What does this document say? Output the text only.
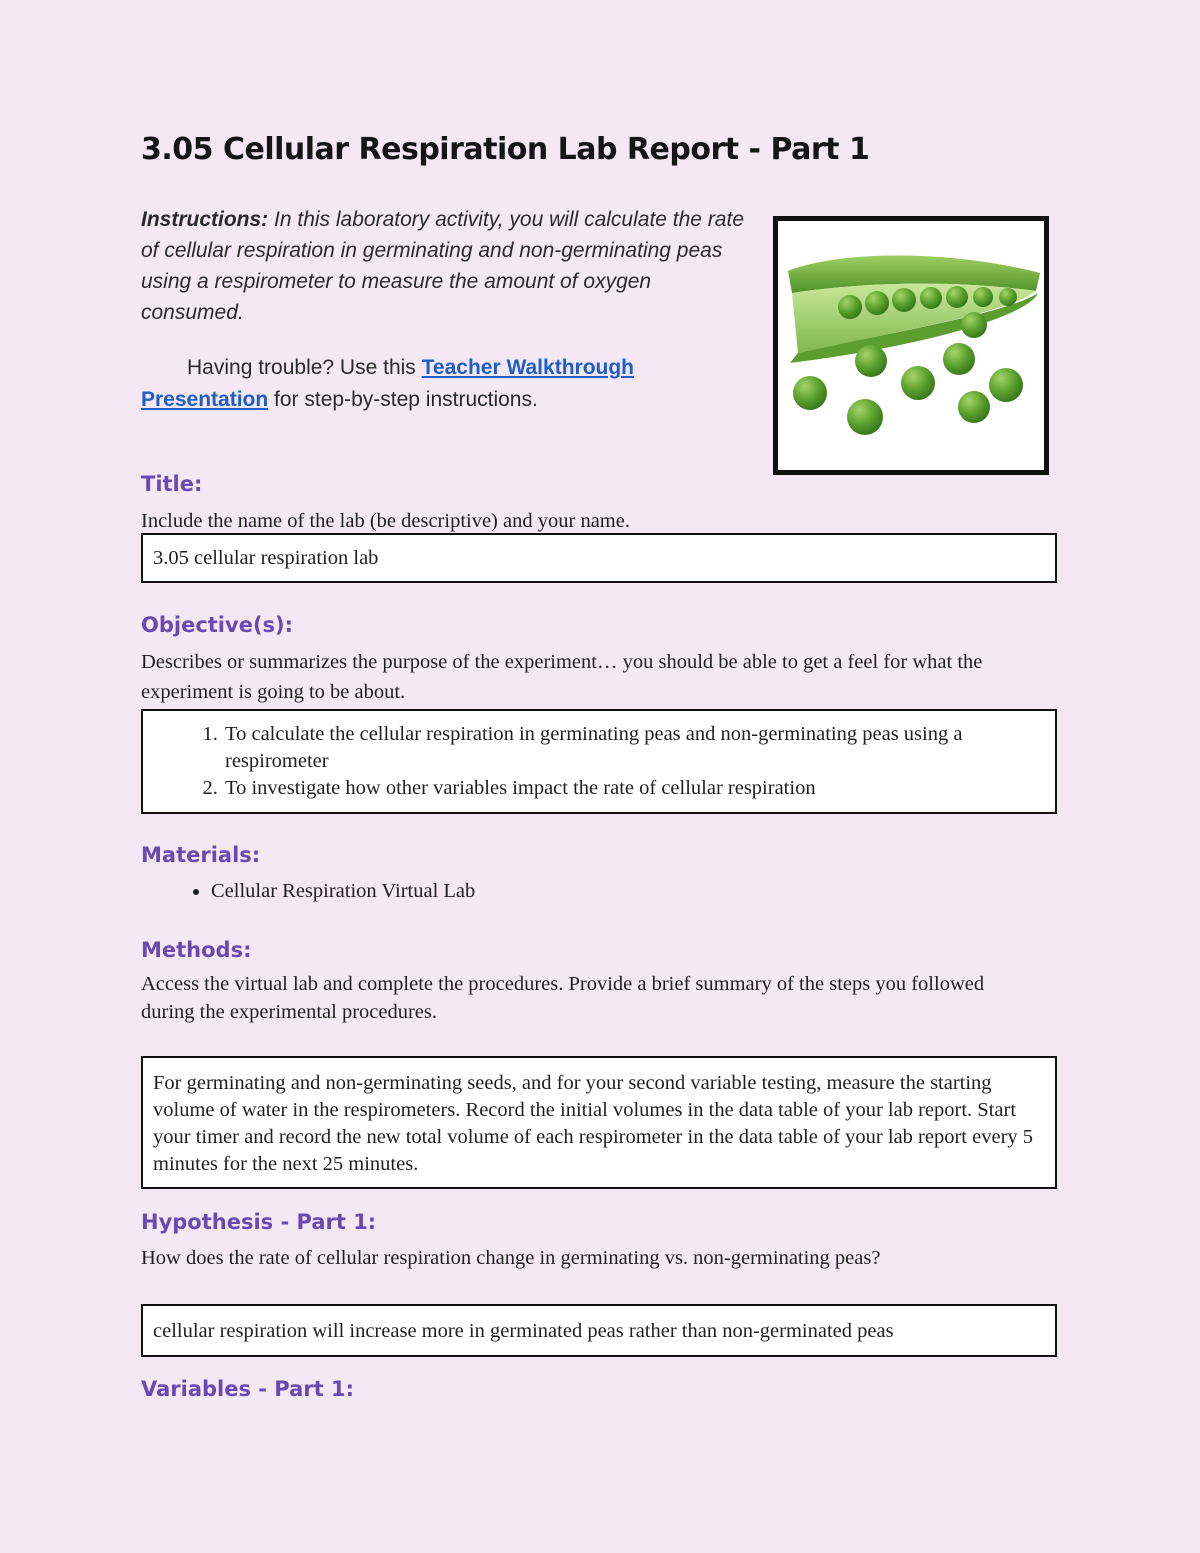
3.05 Cellular Respiration Lab Report - Part 1

Instructions: In this laboratory activity, you will calculate the rate of cellular respiration in germinating and non-germinating peas using a respirometer to measure the amount of oxygen consumed.

Having trouble? Use this Teacher Walkthrough Presentation for step-by-step instructions.

Title:

Include the name of the lab (be descriptive) and your name.

3.05 cellular respiration lab
Objective(s):

Describes or summarizes the purpose of the experiment… you should be able to get a feel for what the experiment is going to be about.

1. To calculate the cellular respiration in germinating peas and non-germinating peas using a respirometer
2. To investigate how other variables impact the rate of cellular respiration
Materials:
• Cellular Respiration Virtual Lab
Methods:

Access the virtual lab and complete the procedures. Provide a brief summary of the steps you followed during the experimental procedures.

For germinating and non-germinating seeds, and for your second variable testing, measure the starting volume of water in the respirometers. Record the initial volumes in the data table of your lab report. Start your timer and record the new total volume of each respirometer in the data table of your lab report every 5 minutes for the next 25 minutes.
Hypothesis - Part 1:

How does the rate of cellular respiration change in germinating vs. non-germinating peas?

cellular respiration will increase more in germinated peas rather than non-germinated peas
Variables - Part 1:
